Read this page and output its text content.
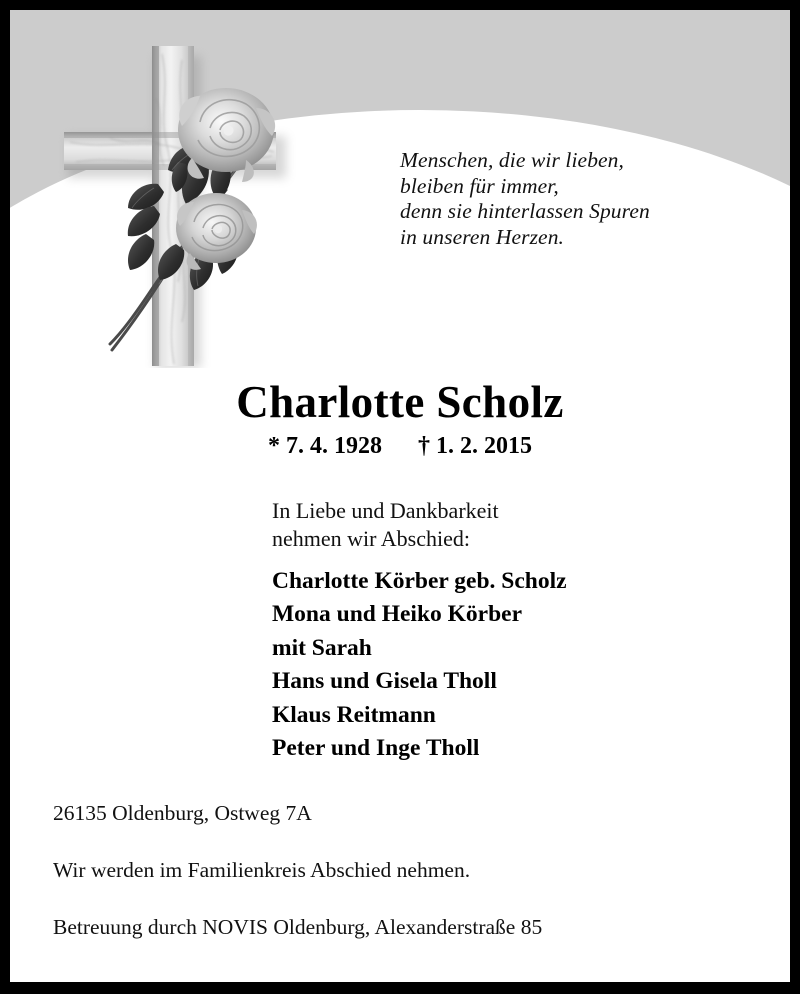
Menschen, die wir lieben,
bleiben für immer,
denn sie hinterlassen Spuren
in unseren Herzen.
Charlotte Scholz
* 7. 4. 1928 † 1. 2. 2015
In Liebe und Dankbarkeit
nehmen wir Abschied:
Charlotte Körber geb. Scholz
Mona und Heiko Körber
mit Sarah
Hans und Gisela Tholl
Klaus Reitmann
Peter und Inge Tholl
26135 Oldenburg, Ostweg 7A
Wir werden im Familienkreis Abschied nehmen.
Betreuung durch NOVIS Oldenburg, Alexanderstraße 85
